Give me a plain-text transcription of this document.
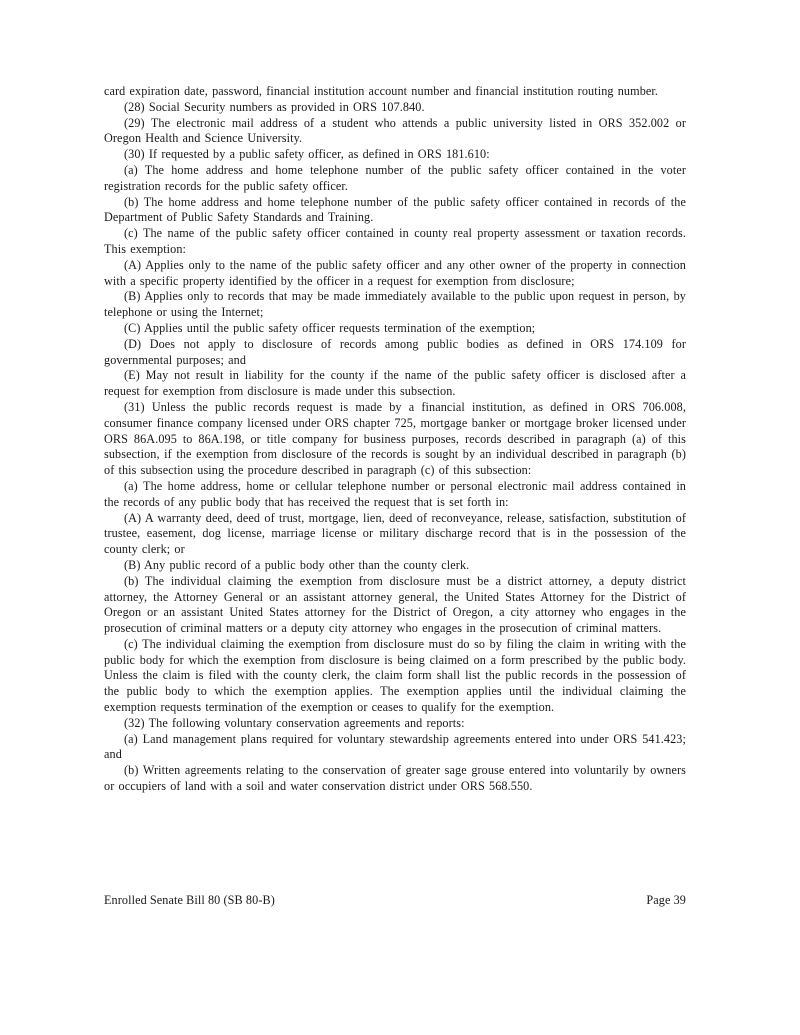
card expiration date, password, financial institution account number and financial institution routing number.

(28) Social Security numbers as provided in ORS 107.840.

(29) The electronic mail address of a student who attends a public university listed in ORS 352.002 or Oregon Health and Science University.

(30) If requested by a public safety officer, as defined in ORS 181.610:

(a) The home address and home telephone number of the public safety officer contained in the voter registration records for the public safety officer.

(b) The home address and home telephone number of the public safety officer contained in records of the Department of Public Safety Standards and Training.

(c) The name of the public safety officer contained in county real property assessment or taxation records. This exemption:

(A) Applies only to the name of the public safety officer and any other owner of the property in connection with a specific property identified by the officer in a request for exemption from disclosure;

(B) Applies only to records that may be made immediately available to the public upon request in person, by telephone or using the Internet;

(C) Applies until the public safety officer requests termination of the exemption;

(D) Does not apply to disclosure of records among public bodies as defined in ORS 174.109 for governmental purposes; and

(E) May not result in liability for the county if the name of the public safety officer is disclosed after a request for exemption from disclosure is made under this subsection.

(31) Unless the public records request is made by a financial institution, as defined in ORS 706.008, consumer finance company licensed under ORS chapter 725, mortgage banker or mortgage broker licensed under ORS 86A.095 to 86A.198, or title company for business purposes, records described in paragraph (a) of this subsection, if the exemption from disclosure of the records is sought by an individual described in paragraph (b) of this subsection using the procedure described in paragraph (c) of this subsection:

(a) The home address, home or cellular telephone number or personal electronic mail address contained in the records of any public body that has received the request that is set forth in:

(A) A warranty deed, deed of trust, mortgage, lien, deed of reconveyance, release, satisfaction, substitution of trustee, easement, dog license, marriage license or military discharge record that is in the possession of the county clerk; or

(B) Any public record of a public body other than the county clerk.

(b) The individual claiming the exemption from disclosure must be a district attorney, a deputy district attorney, the Attorney General or an assistant attorney general, the United States Attorney for the District of Oregon or an assistant United States attorney for the District of Oregon, a city attorney who engages in the prosecution of criminal matters or a deputy city attorney who engages in the prosecution of criminal matters.

(c) The individual claiming the exemption from disclosure must do so by filing the claim in writing with the public body for which the exemption from disclosure is being claimed on a form prescribed by the public body. Unless the claim is filed with the county clerk, the claim form shall list the public records in the possession of the public body to which the exemption applies. The exemption applies until the individual claiming the exemption requests termination of the exemption or ceases to qualify for the exemption.

(32) The following voluntary conservation agreements and reports:

(a) Land management plans required for voluntary stewardship agreements entered into under ORS 541.423; and

(b) Written agreements relating to the conservation of greater sage grouse entered into voluntarily by owners or occupiers of land with a soil and water conservation district under ORS 568.550.

Enrolled Senate Bill 80 (SB 80-B)	Page 39
